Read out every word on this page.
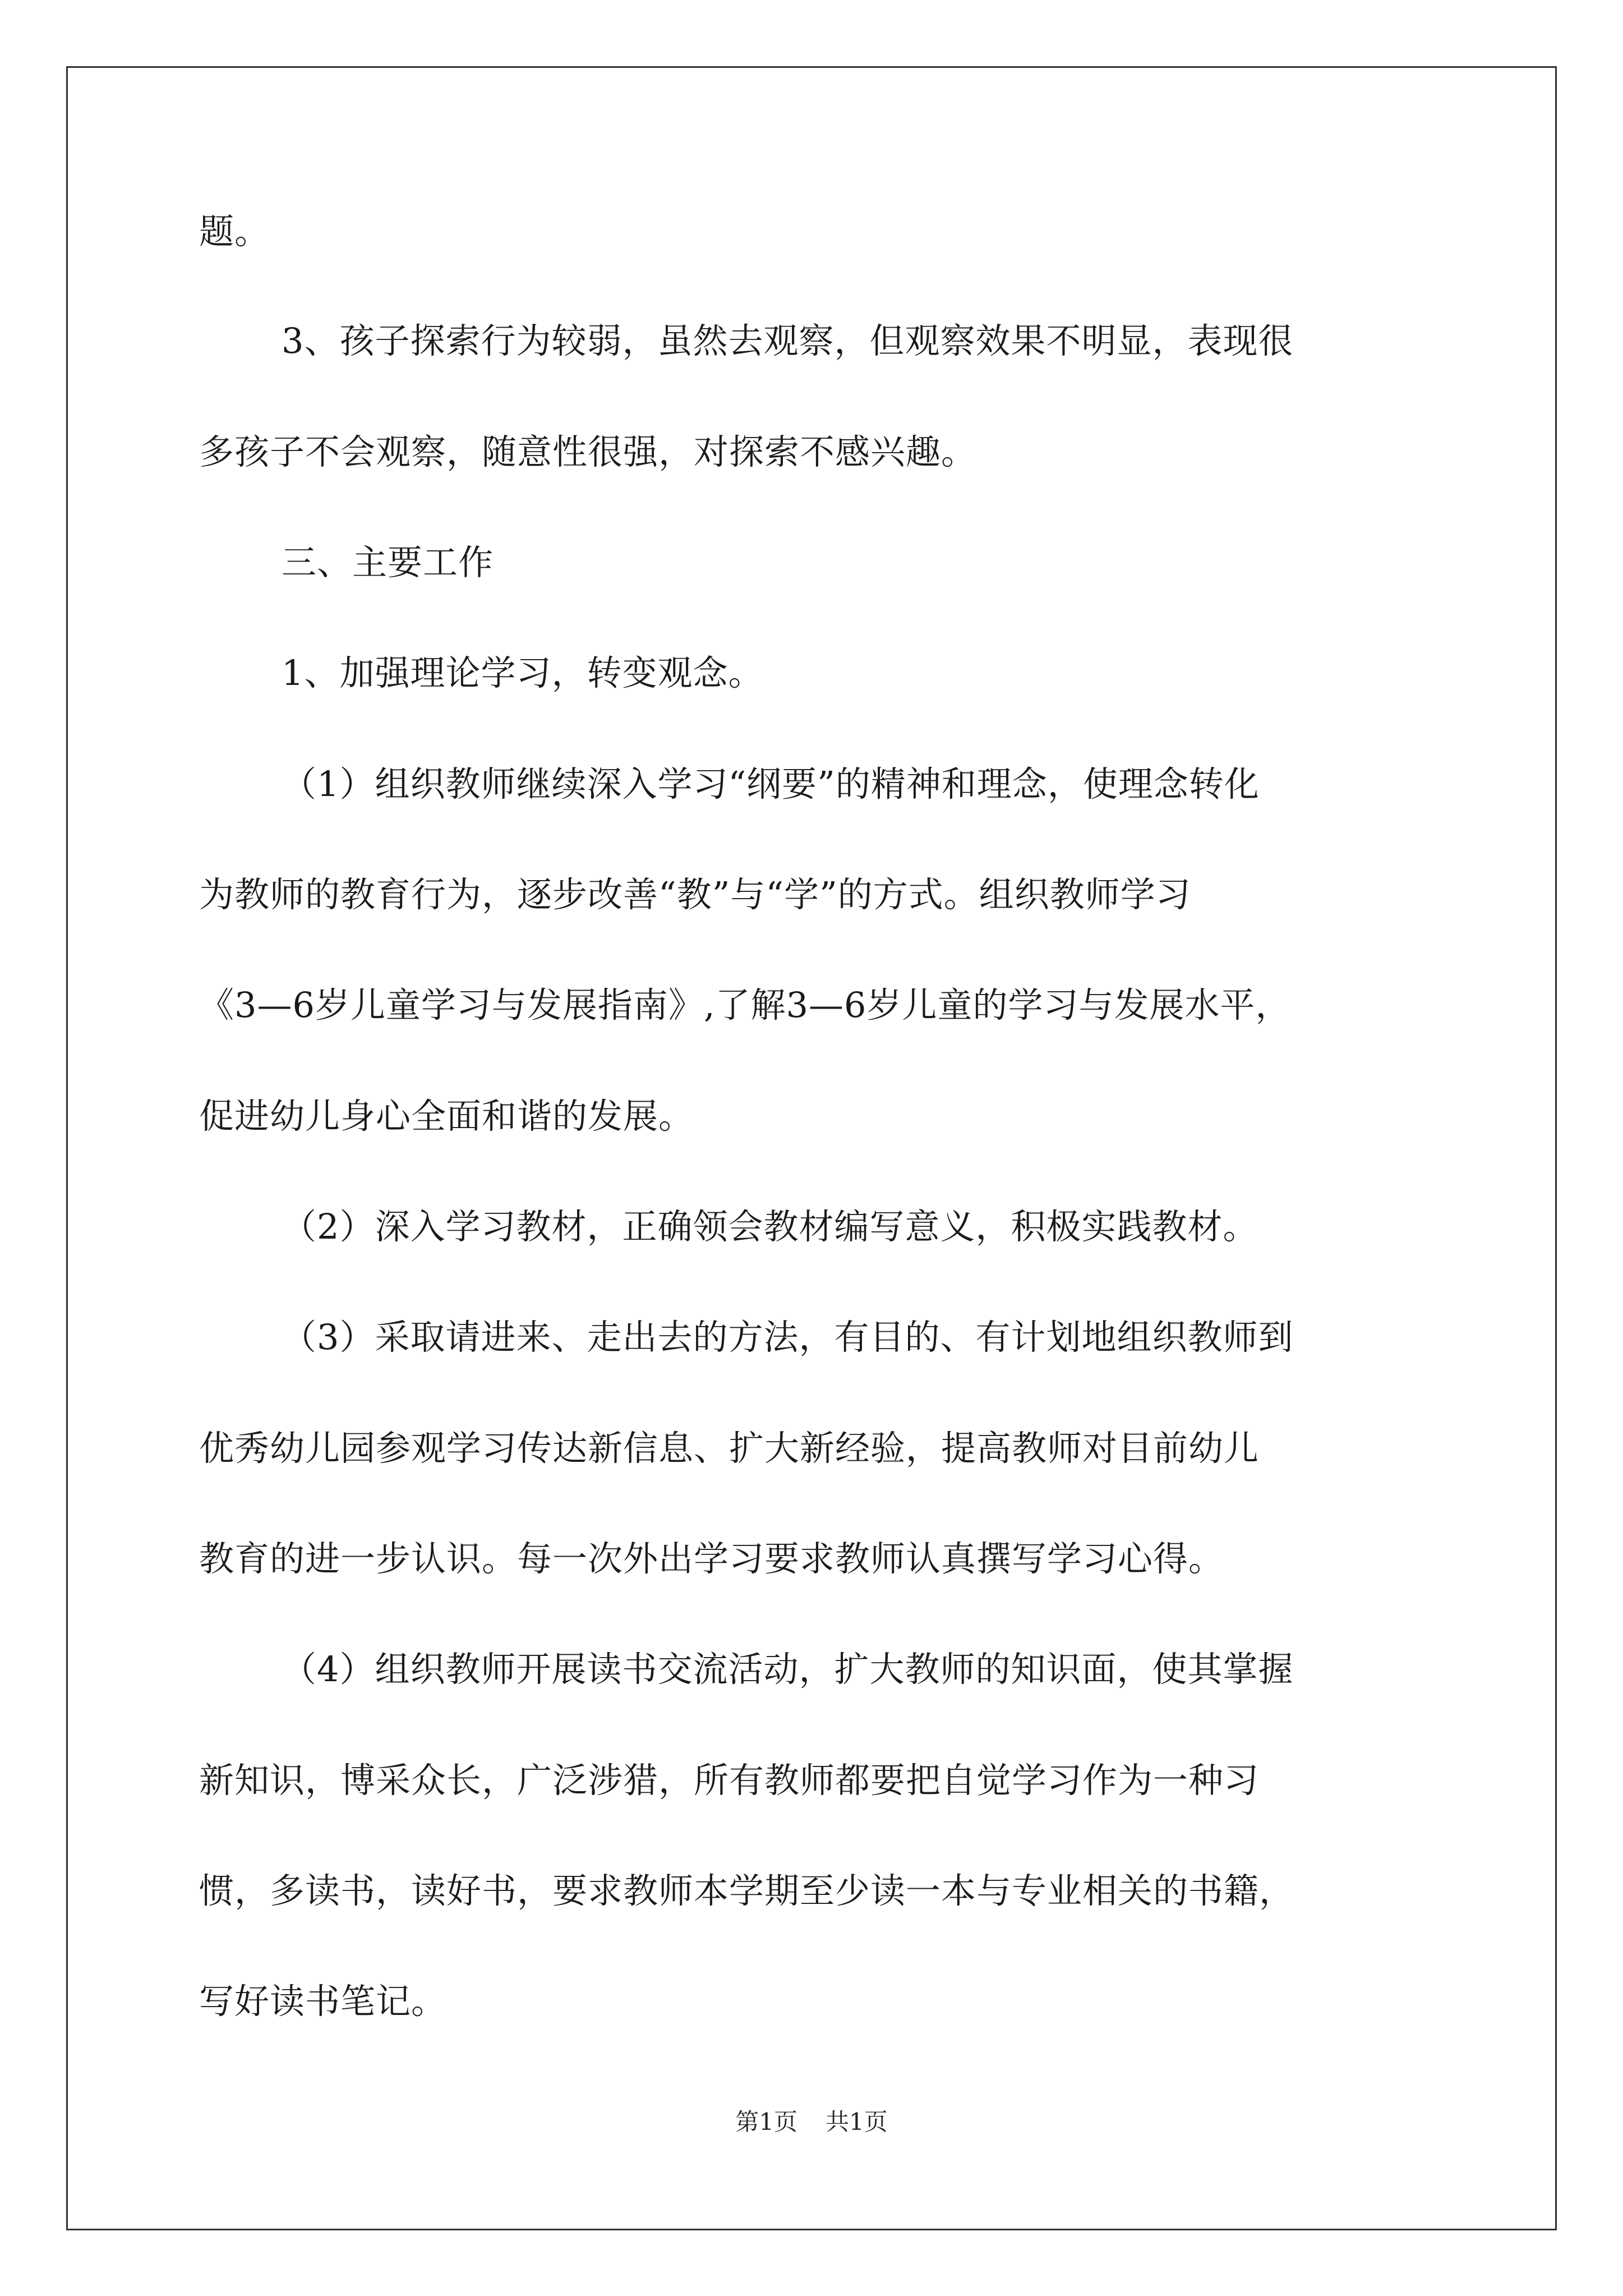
题。
3、孩子探索行为较弱，虽然去观察，但观察效果不明显，表现很
多孩子不会观察，随意性很强，对探索不感兴趣。
三、主要工作
1、加强理论学习，转变观念。
（1）组织教师继续深入学习“纲要”的精神和理念，使理念转化
为教师的教育行为，逐步改善“教”与“学”的方式。组织教师学习
《3—6岁儿童学习与发展指南》,了解3—6岁儿童的学习与发展水平，
促进幼儿身心全面和谐的发展。
（2）深入学习教材，正确领会教材编写意义，积极实践教材。
（3）采取请进来、走出去的方法，有目的、有计划地组织教师到
优秀幼儿园参观学习传达新信息、扩大新经验，提高教师对目前幼儿
教育的进一步认识。每一次外出学习要求教师认真撰写学习心得。
（4）组织教师开展读书交流活动，扩大教师的知识面，使其掌握
新知识，博采众长，广泛涉猎，所有教师都要把自觉学习作为一种习
惯，多读书，读好书，要求教师本学期至少读一本与专业相关的书籍，
写好读书笔记。
第1页 共1页
